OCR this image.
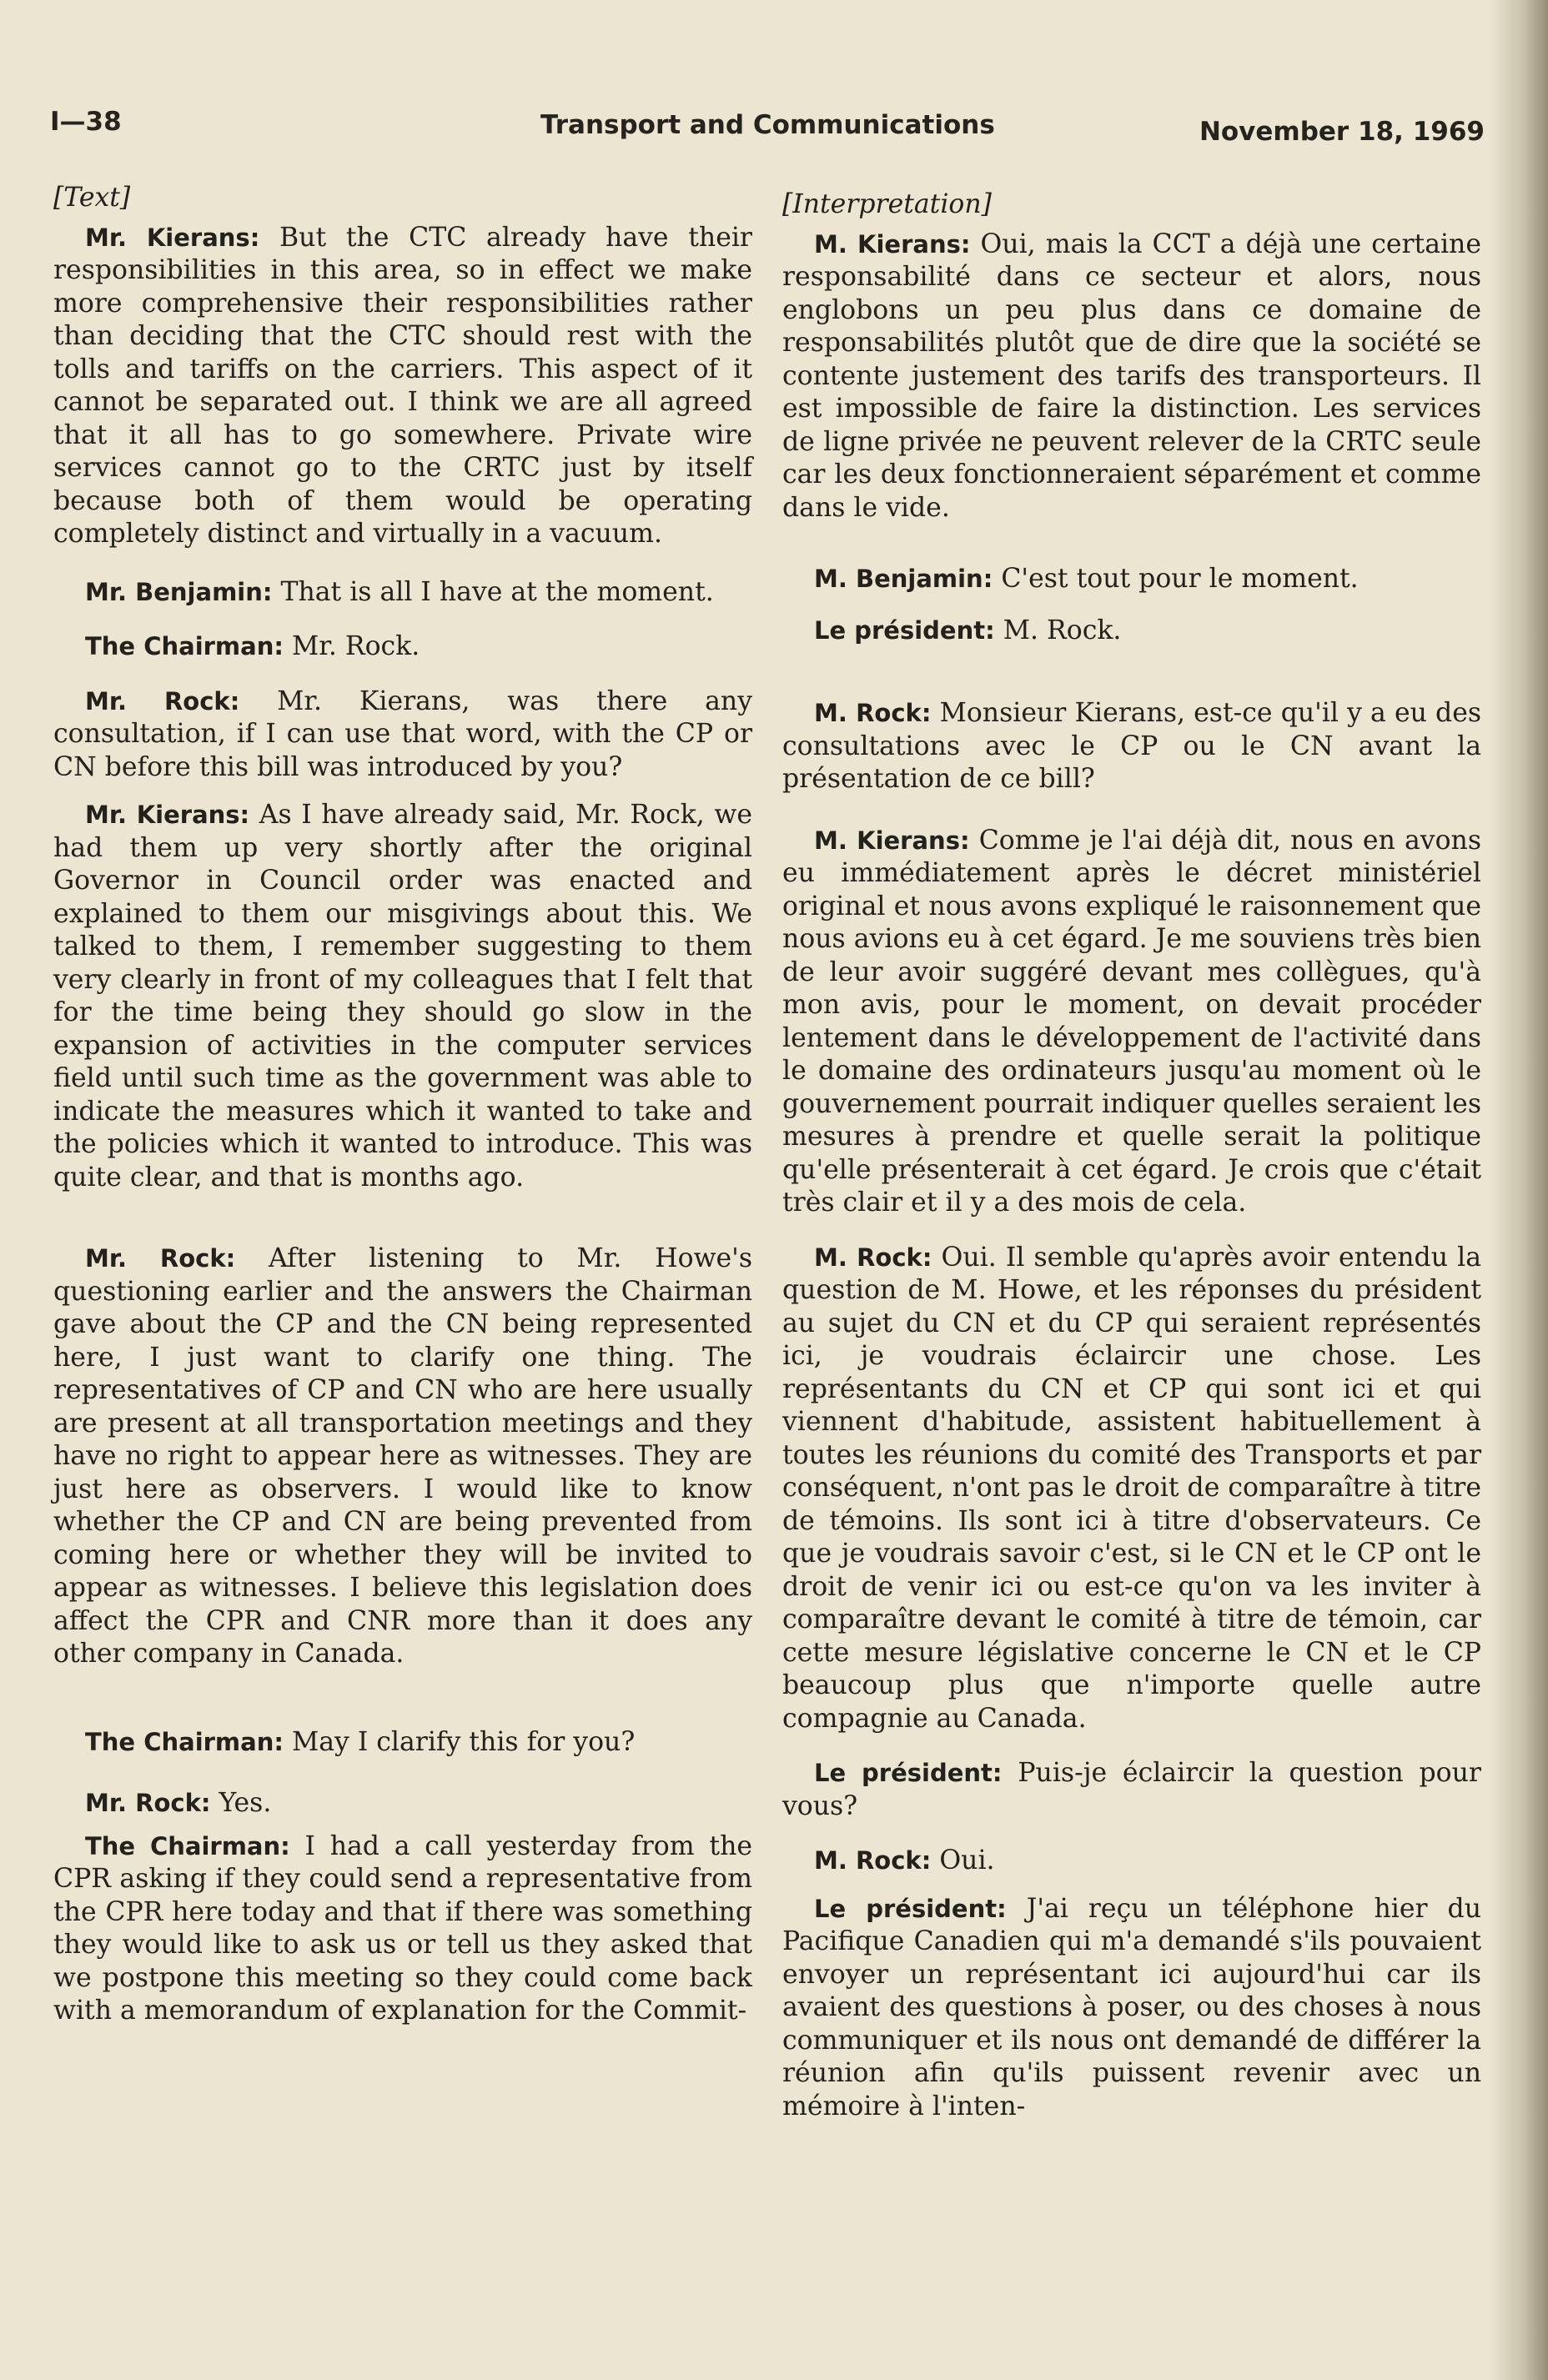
I—38	Transport and Communications	November 18, 1969
[Text]

Mr. Kierans: But the CTC already have their responsibilities in this area, so in effect we make more comprehensive their responsibilities rather than deciding that the CTC should rest with the tolls and tariffs on the carriers. This aspect of it cannot be separated out. I think we are all agreed that it all has to go somewhere. Private wire services cannot go to the CRTC just by itself because both of them would be operating completely distinct and virtually in a vacuum.

Mr. Benjamin: That is all I have at the moment.

The Chairman: Mr. Rock.

Mr. Rock: Mr. Kierans, was there any consultation, if I can use that word, with the CP or CN before this bill was introduced by you?

Mr. Kierans: As I have already said, Mr. Rock, we had them up very shortly after the original Governor in Council order was enacted and explained to them our misgivings about this. We talked to them, I remember suggesting to them very clearly in front of my colleagues that I felt that for the time being they should go slow in the expansion of activities in the computer services field until such time as the government was able to indicate the measures which it wanted to take and the policies which it wanted to introduce. This was quite clear, and that is months ago.

Mr. Rock: After listening to Mr. Howe's questioning earlier and the answers the Chairman gave about the CP and the CN being represented here, I just want to clarify one thing. The representatives of CP and CN who are here usually are present at all transportation meetings and they have no right to appear here as witnesses. They are just here as observers. I would like to know whether the CP and CN are being prevented from coming here or whether they will be invited to appear as witnesses. I believe this legislation does affect the CPR and CNR more than it does any other company in Canada.

The Chairman: May I clarify this for you?

Mr. Rock: Yes.

The Chairman: I had a call yesterday from the CPR asking if they could send a representative from the CPR here today and that if there was something they would like to ask us or tell us they asked that we postpone this meeting so they could come back with a memorandum of explanation for the Commit-

[Interpretation]

M. Kierans: Oui, mais la CCT a déjà une certaine responsabilité dans ce secteur et alors, nous englobons un peu plus dans ce domaine de responsabilités plutôt que de dire que la société se contente justement des tarifs des transporteurs. Il est impossible de faire la distinction. Les services de ligne privée ne peuvent relever de la CRTC seule car les deux fonctionneraient séparément et comme dans le vide.

M. Benjamin: C'est tout pour le moment.

Le président: M. Rock.

M. Rock: Monsieur Kierans, est-ce qu'il y a eu des consultations avec le CP ou le CN avant la présentation de ce bill?

M. Kierans: Comme je l'ai déjà dit, nous en avons eu immédiatement après le décret ministériel original et nous avons expliqué le raisonnement que nous avions eu à cet égard. Je me souviens très bien de leur avoir suggéré devant mes collègues, qu'à mon avis, pour le moment, on devait procéder lentement dans le développement de l'activité dans le domaine des ordinateurs jusqu'au moment où le gouvernement pourrait indiquer quelles seraient les mesures à prendre et quelle serait la politique qu'elle présenterait à cet égard. Je crois que c'était très clair et il y a des mois de cela.

M. Rock: Oui. Il semble qu'après avoir entendu la question de M. Howe, et les réponses du président au sujet du CN et du CP qui seraient représentés ici, je voudrais éclaircir une chose. Les représentants du CN et CP qui sont ici et qui viennent d'habitude, assistent habituellement à toutes les réunions du comité des Transports et par conséquent, n'ont pas le droit de comparaître à titre de témoins. Ils sont ici à titre d'observateurs. Ce que je voudrais savoir c'est, si le CN et le CP ont le droit de venir ici ou est-ce qu'on va les inviter à comparaître devant le comité à titre de témoin, car cette mesure législative concerne le CN et le CP beaucoup plus que n'importe quelle autre compagnie au Canada.

Le président: Puis-je éclaircir la question pour vous?

M. Rock: Oui.

Le président: J'ai reçu un téléphone hier du Pacifique Canadien qui m'a demandé s'ils pouvaient envoyer un représentant ici aujourd'hui car ils avaient des questions à poser, ou des choses à nous communiquer et ils nous ont demandé de différer la réunion afin qu'ils puissent revenir avec un mémoire à l'inten-
